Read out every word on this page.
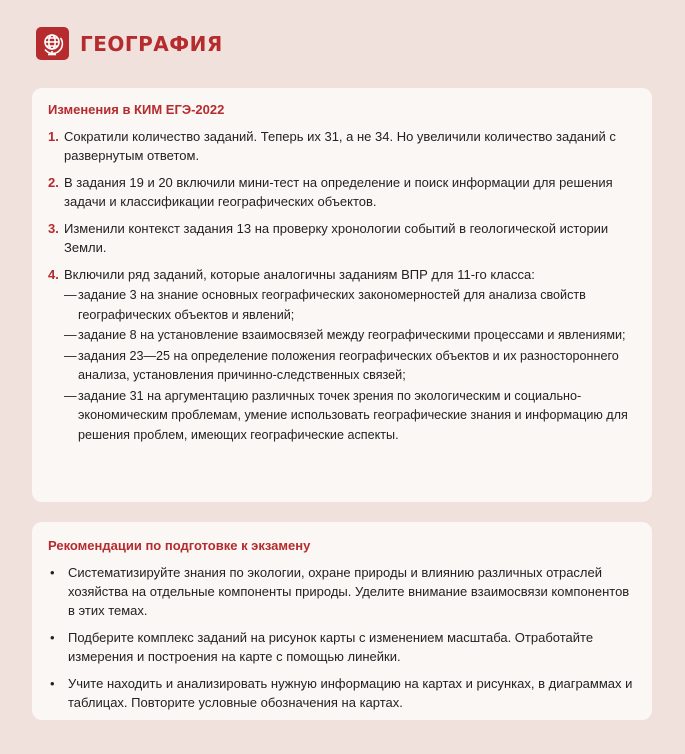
ГЕОГРАФИЯ
Изменения в КИМ ЕГЭ-2022
1. Сократили количество заданий. Теперь их 31, а не 34. Но увеличили количество заданий с развернутым ответом.
2. В задания 19 и 20 включили мини-тест на определение и поиск информации для решения задачи и классификации географических объектов.
3. Изменили контекст задания 13 на проверку хронологии событий в геологической истории Земли.
4. Включили ряд заданий, которые аналогичны заданиям ВПР для 11-го класса:
— задание 3 на знание основных географических закономерностей для анализа свойств географических объектов и явлений;
— задание 8 на установление взаимосвязей между географическими процессами и явлениями;
— задания 23—25 на определение положения географических объектов и их разностороннего анализа, установления причинно-следственных связей;
— задание 31 на аргументацию различных точек зрения по экологическим и социально-экономическим проблемам, умение использовать географические знания и информацию для решения проблем, имеющих географические аспекты.
Рекомендации по подготовке к экзамену
•	Систематизируйте знания по экологии, охране природы и влиянию различных отраслей хозяйства на отдельные компоненты природы. Уделите внимание взаимосвязи компонентов в этих темах.
•	Подберите комплекс заданий на рисунок карты с изменением масштаба. Отработайте измерения и построения на карте с помощью линейки.
•	Учите находить и анализировать нужную информацию на картах и рисунках, в диаграммах и таблицах. Повторите условные обозначения на картах.
